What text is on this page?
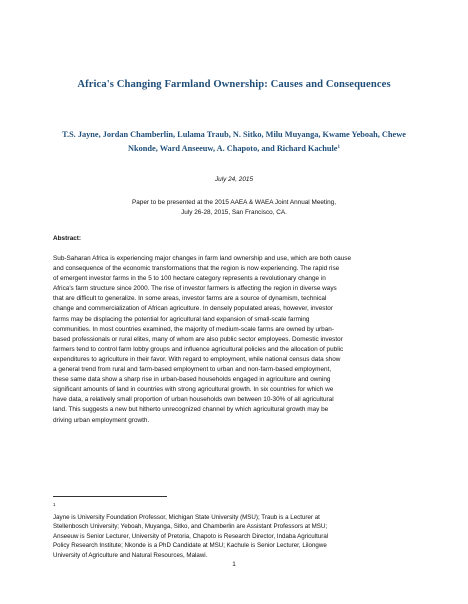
Africa's Changing Farmland Ownership: Causes and Consequences
T.S. Jayne, Jordan Chamberlin, Lulama Traub, N. Sitko, Milu Muyanga, Kwame Yeboah, Chewe
Nkonde, Ward Anseeuw, A. Chapoto, and Richard Kachule$^1$
July 24, 2015
Paper to be presented at the 2015 AAEA & WAEA Joint Annual Meeting,
July 26-28, 2015, San Francisco, CA.
Abstract:
Sub-Saharan Africa is experiencing major changes in farm land ownership and use, which are both cause
and consequence of the economic transformations that the region is now experiencing. The rapid rise
of emergent investor farms in the 5 to 100 hectare category represents a revolutionary change in
Africa's farm structure since 2000. The rise of investor farmers is affecting the region in diverse ways
that are difficult to generalize. In some areas, investor farms are a source of dynamism, technical
change and commercialization of African agriculture. In densely populated areas, however, investor
farms may be displacing the potential for agricultural land expansion of small-scale farming
communities. In most countries examined, the majority of medium-scale farms are owned by urban-
based professionals or rural elites, many of whom are also public sector employees. Domestic investor
farmers tend to control farm lobby groups and influence agricultural policies and the allocation of public
expenditures to agriculture in their favor. With regard to employment, while national census data show
a general trend from rural and farm-based employment to urban and non-farm-based employment,
these same data show a sharp rise in urban-based households engaged in agriculture and owning
significant amounts of land in countries with strong agricultural growth. In six countries for which we
have data, a relatively small proportion of urban households own between 10-30% of all agricultural
land. This suggests a new but hitherto unrecognized channel by which agricultural growth may be
driving urban employment growth.
$^1$
Jayne is University Foundation Professor, Michigan State University (MSU); Traub is a Lecturer at
Stellenbosch University; Yeboah, Muyanga, Sitko, and Chamberlin are Assistant Professors at MSU;
Anseeuw is Senior Lecturer, University of Pretoria, Chapoto is Research Director, Indaba Agricultural
Policy Research Institute; Nkonde is a PhD Candidate at MSU; Kachule is Senior Lecturer, Lilongwe
University of Agriculture and Natural Resources, Malawi.
1
